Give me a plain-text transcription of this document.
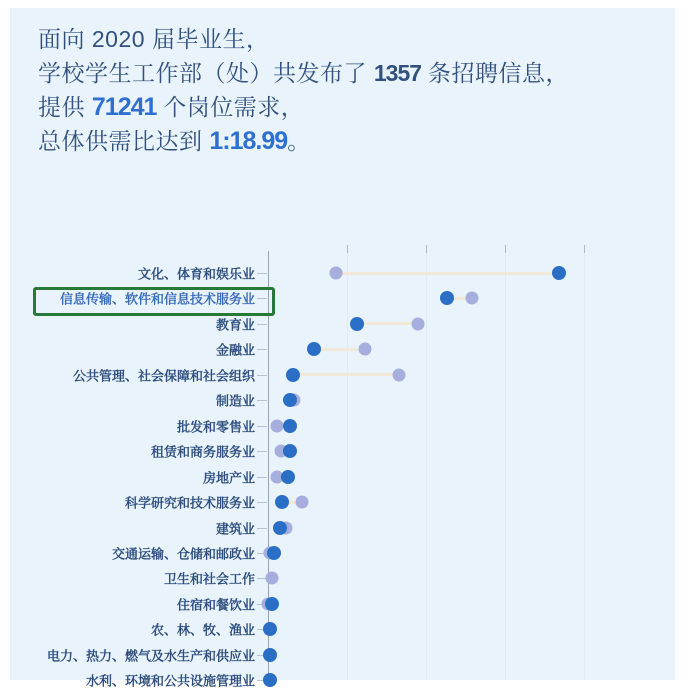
面向 2020 届毕业生，
学校学生工作部（处）共发布了 1357 条招聘信息，
提供 71241 个岗位需求，
总体供需比达到 1:18.99。
文化、体育和娱乐业
信息传输、软件和信息技术服务业
教育业
金融业
公共管理、社会保障和社会组织
制造业
批发和零售业
租赁和商务服务业
房地产业
科学研究和技术服务业
建筑业
交通运输、仓储和邮政业
卫生和社会工作
住宿和餐饮业
农、林、牧、渔业
电力、热力、燃气及水生产和供应业
水利、环境和公共设施管理业
